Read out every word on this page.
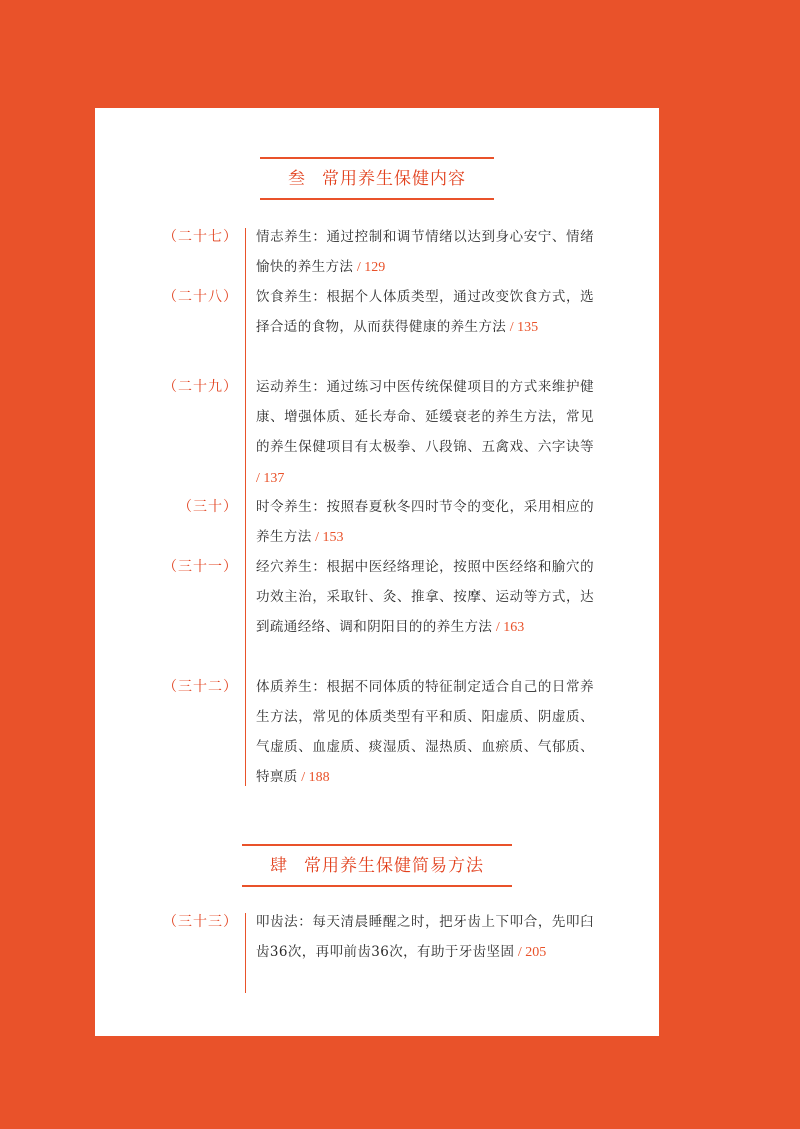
叁 常用养生保健内容
（二十七） 情志养生：通过控制和调节情绪以达到身心安宁、情绪愉快的养生方法 / 129
（二十八） 饮食养生：根据个人体质类型，通过改变饮食方式，选择合适的食物，从而获得健康的养生方法 / 135
（二十九） 运动养生：通过练习中医传统保健项目的方式来维护健康、增强体质、延长寿命、延缓衰老的养生方法，常见的养生保健项目有太极拳、八段锦、五禽戏、六字诀等 / 137
（三十） 时令养生：按照春夏秋冬四时节令的变化，采用相应的养生方法 / 153
（三十一） 经穴养生：根据中医经络理论，按照中医经络和腧穴的功效主治，采取针、灸、推拿、按摩、运动等方式，达到疏通经络、调和阴阳目的的养生方法 / 163
（三十二） 体质养生：根据不同体质的特征制定适合自己的日常养生方法，常见的体质类型有平和质、阳虚质、阴虚质、气虚质、血虚质、痰湿质、湿热质、血瘀质、气郁质、特禀质 / 188
肆 常用养生保健简易方法
（三十三） 叩齿法：每天清晨睡醒之时，把牙齿上下叩合，先叩臼齿36次，再叩前齿36次，有助于牙齿坚固 / 205
